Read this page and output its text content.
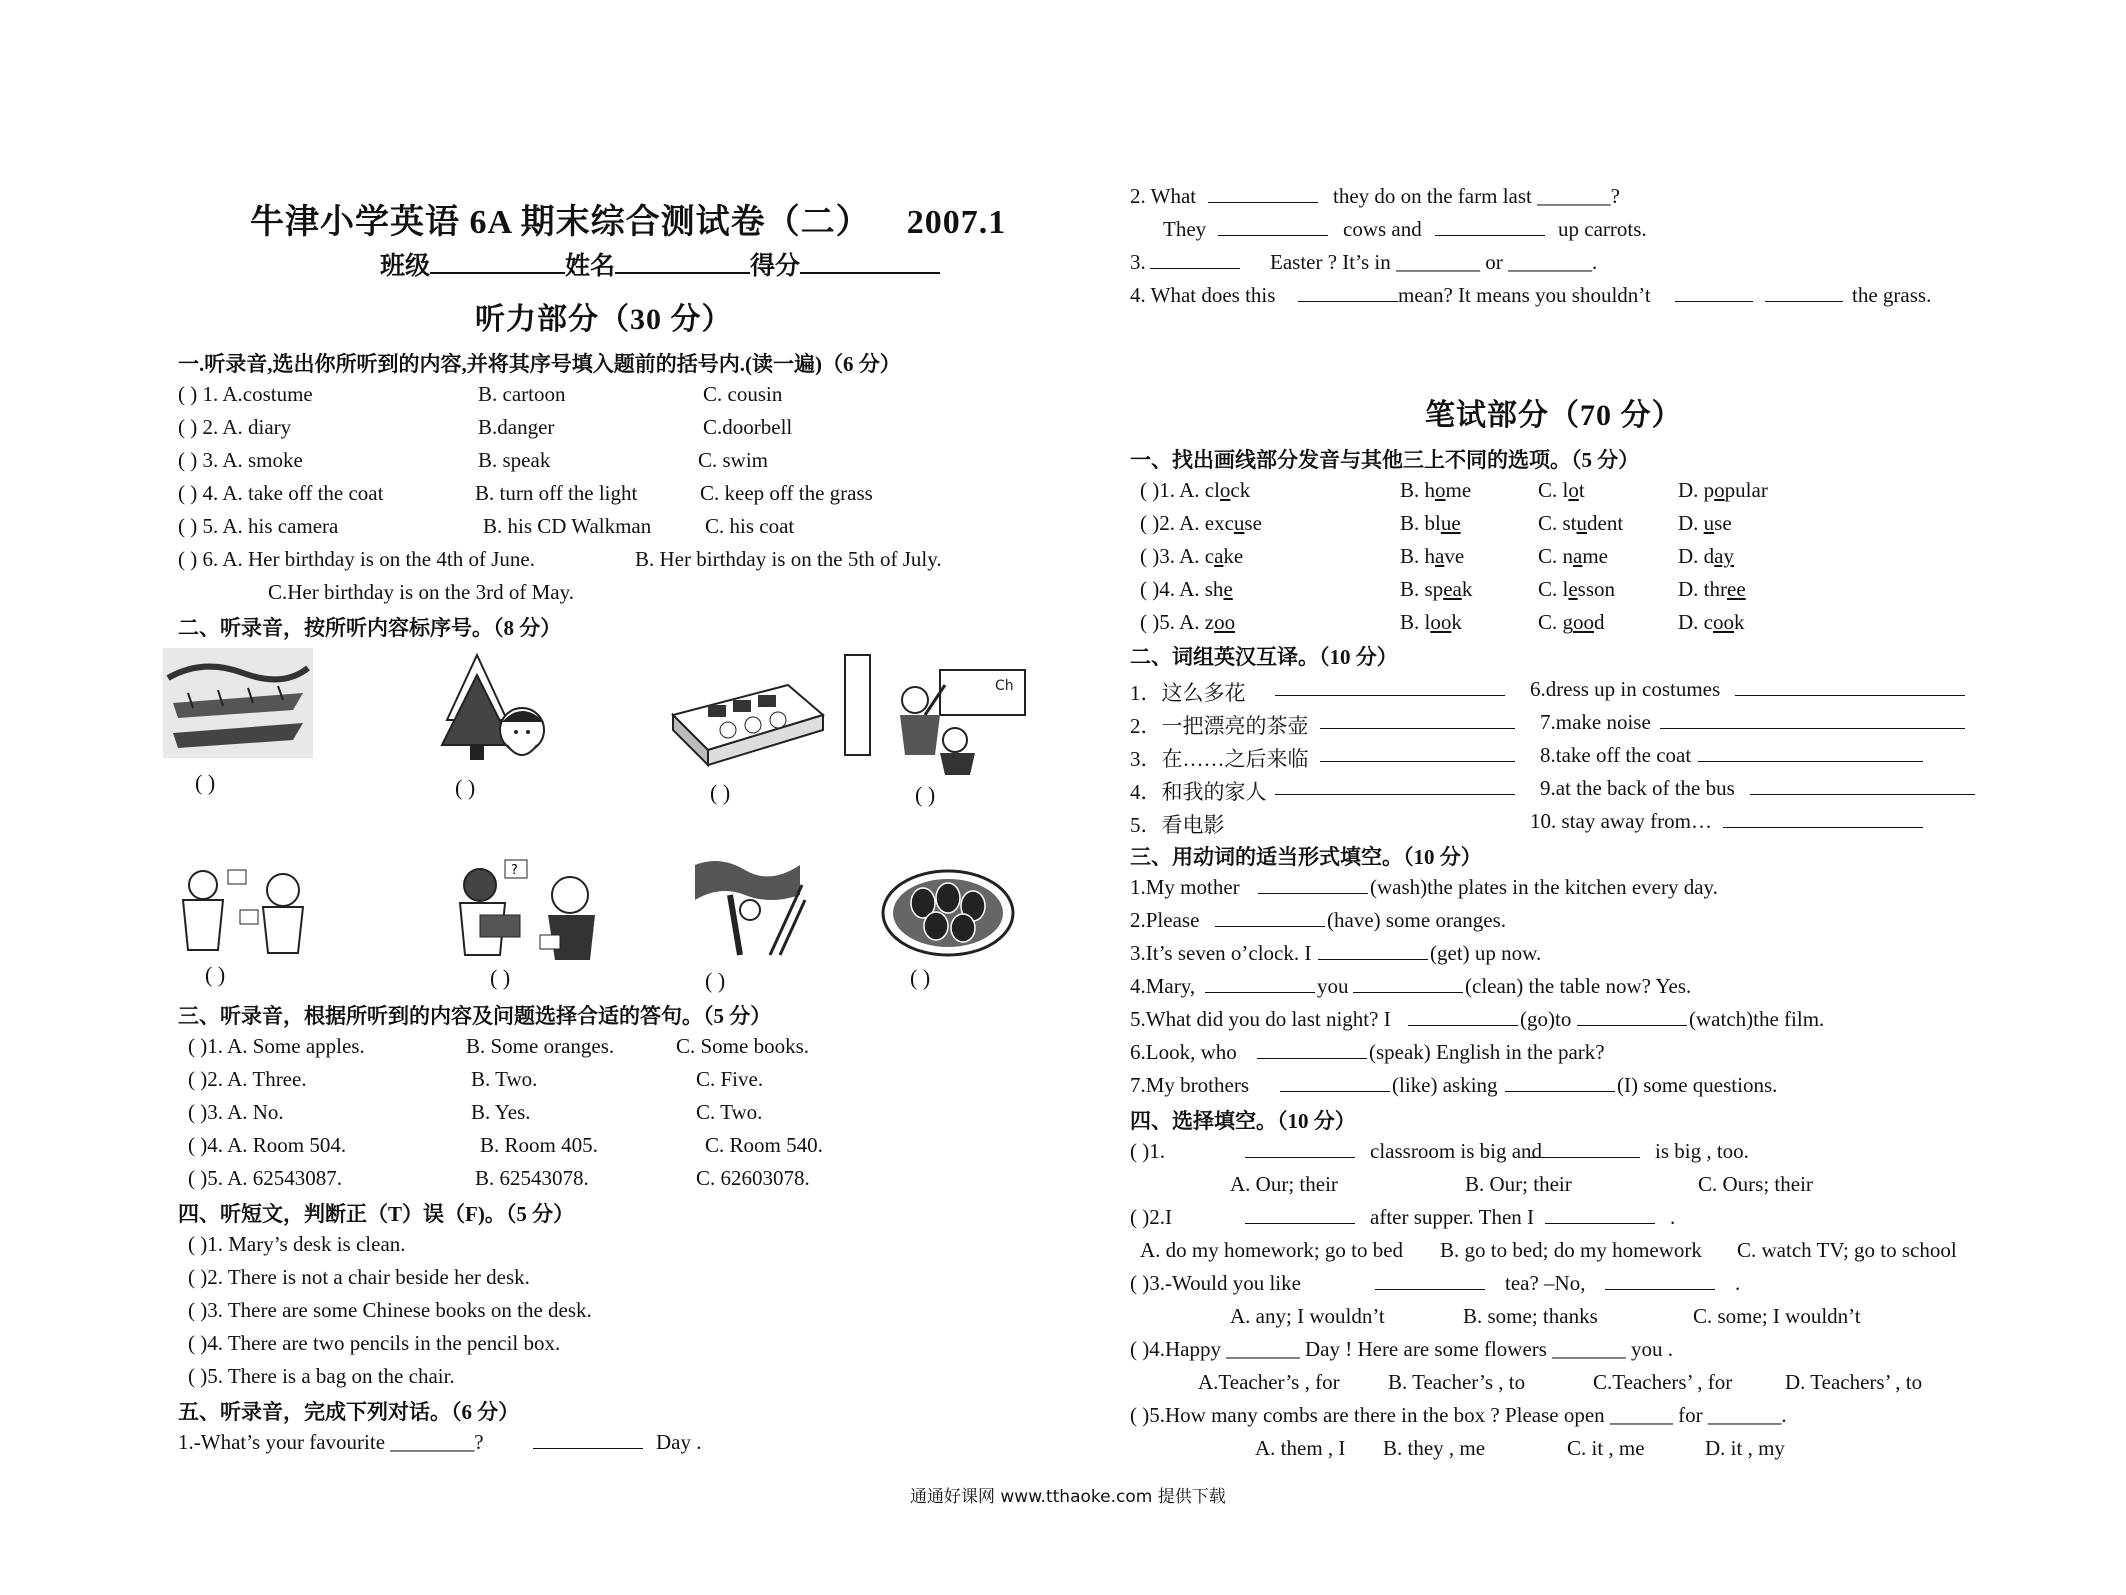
牛津小学英语 6A 期末综合测试卷（二） 2007.1
班级	姓名	得分
听力部分（30 分）
一.听录音,选出你所听到的内容,并将其序号填入题前的括号内.(读一遍)（6 分）
( ) 1. A.costume	B. cartoon	C. cousin
( ) 2. A. diary	B.danger	C.doorbell
( ) 3. A. smoke	B. speak	C. swim
( ) 4. A. take off the coat	B. turn off the light	C. keep off the grass
( ) 5. A. his camera	B. his CD Walkman	C. his coat
( ) 6. A. Her birthday is on the 4th of June.	B. Her birthday is on the 5th of July.
C.Her birthday is on the 3rd of May.
二、听录音，按所听内容标序号。（8 分）
( )	( )	( )
Ch
( )
( )
?
( )	( )	( )
三、听录音，根据所听到的内容及问题选择合适的答句。（5 分）
( )1. A. Some apples.	B. Some oranges.	C. Some books.
( )2. A. Three.	B. Two.	C. Five.
( )3. A. No.	B. Yes.	C. Two.
( )4. A. Room 504.	B. Room 405.	C. Room 540.
( )5. A. 62543087.	B. 62543078.	C. 62603078.
四、听短文，判断正（T）误（F)。（5 分）
( )1. Mary’s desk is clean.
( )2. There is not a chair beside her desk.
( )3. There are some Chinese books on the desk.
( )4. There are two pencils in the pencil box.
( )5. There is a bag on the chair.
五、听录音，完成下列对话。（6 分）
1.-What’s your favourite ________?	Day .
2. What	they do on the farm last _______?
They	cows and	up carrots.
3.	Easter ? It’s in ________ or ________.
4. What does this	mean? It means you shouldn’t	the grass.
笔试部分（70 分）
一、找出画线部分发音与其他三上不同的选项。（5 分）
( )1. A. clock	B. home	C. lot	D. popular
( )2. A. excuse	B. blue	C. student	D. use
( )3. A. cake	B. have	C. name	D. day
( )4. A. she	B. speak	C. lesson	D. three
( )5. A. zoo	B. look	C. good	D. cook
二、词组英汉互译。（10 分）
1．这么多花	6.dress up in costumes
2．一把漂亮的茶壶	7.make noise
3．在……之后来临	8.take off the coat
4．和我的家人	9.at the back of the bus
5．看电影	10. stay away from…
三、用动词的适当形式填空。（10 分）
1.My mother	(wash)the plates in the kitchen every day.
2.Please	(have) some oranges.
3.It’s seven o’clock. I	(get) up now.
4.Mary,	you	(clean) the table now? Yes.
5.What did you do last night? I	(go)to	(watch)the film.
6.Look, who	(speak) English in the park?
7.My brothers	(like) asking	(I) some questions.
四、选择填空。（10 分）
( )1.	classroom is big and	is big , too.
A. Our; their	B. Our; their	C. Ours; their
( )2.I	after supper. Then I	.
A. do my homework; go to bed B. go to bed; do my homework C. watch TV; go to school
( )3.-Would you like	tea? –No,	.
A. any; I wouldn’t	B. some; thanks	C. some; I wouldn’t
( )4.Happy _______ Day ! Here are some flowers _______ you .
A.Teacher’s , for B. Teacher’s , to	C.Teachers’ , for	D. Teachers’ , to
( )5.How many combs are there in the box ? Please open ______ for _______.
A. them , I B. they , me	C. it , me	D. it , my
通通好课网 www.tthaoke.com 提供下载
